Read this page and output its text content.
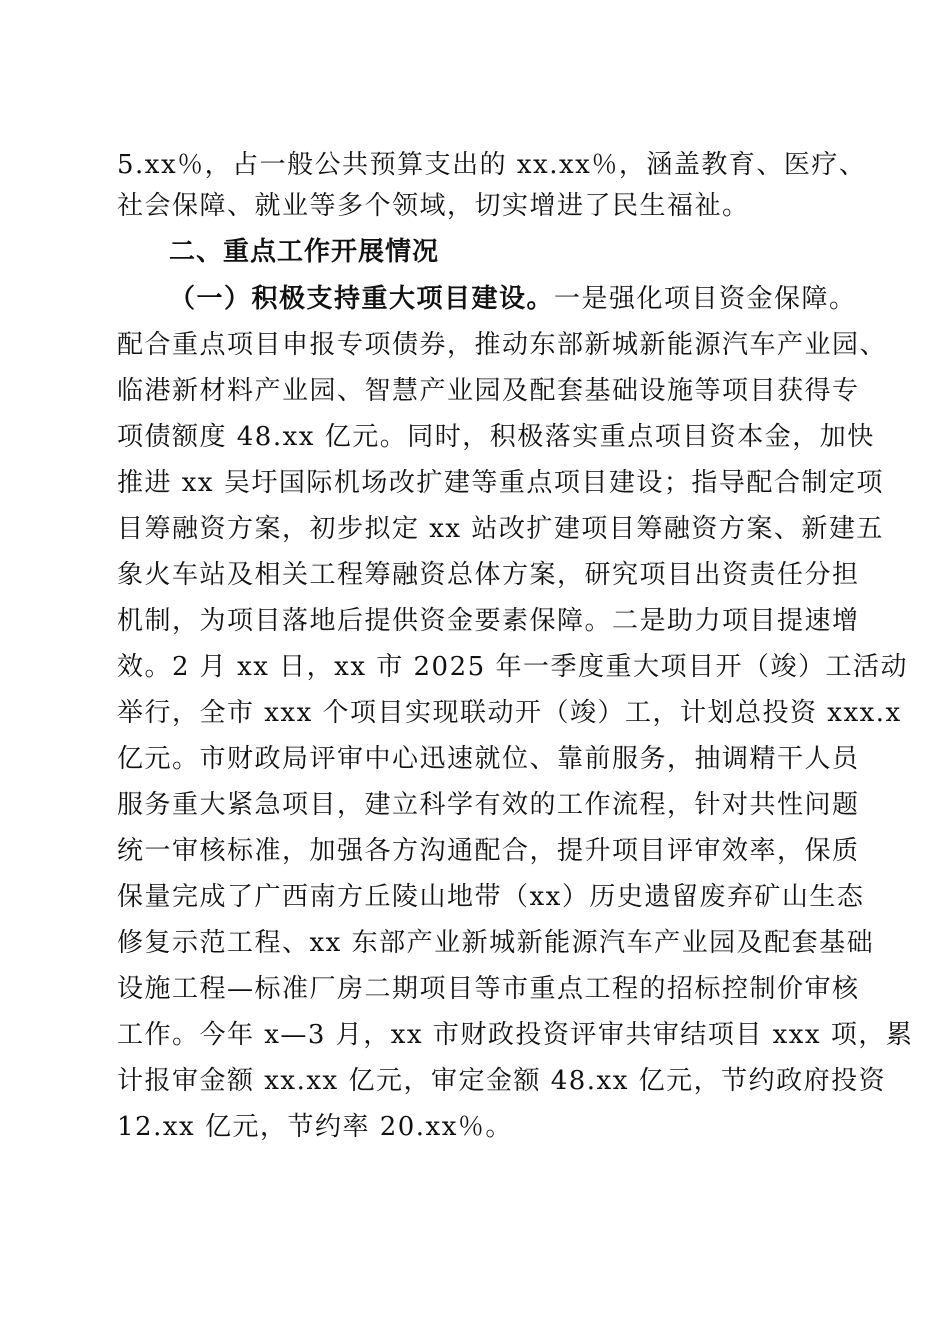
5.xx％，占一般公共预算支出的 xx.xx％，涵盖教育、医疗、
社会保障、就业等多个领域，切实增进了民生福祉。
二、重点工作开展情况
（一）积极支持重大项目建设。一是强化项目资金保障。
配合重点项目申报专项债券，推动东部新城新能源汽车产业园、
临港新材料产业园、智慧产业园及配套基础设施等项目获得专
项债额度 48.xx 亿元。同时，积极落实重点项目资本金，加快
推进 xx 吴圩国际机场改扩建等重点项目建设；指导配合制定项
目筹融资方案，初步拟定 xx 站改扩建项目筹融资方案、新建五
象火车站及相关工程筹融资总体方案，研究项目出资责任分担
机制，为项目落地后提供资金要素保障。二是助力项目提速增
效。2 月 xx 日，xx 市 2025 年一季度重大项目开（竣）工活动
举行，全市 xxx 个项目实现联动开（竣）工，计划总投资 xxx.x
亿元。市财政局评审中心迅速就位、靠前服务，抽调精干人员
服务重大紧急项目，建立科学有效的工作流程，针对共性问题
统一审核标准，加强各方沟通配合，提升项目评审效率，保质
保量完成了广西南方丘陵山地带（xx）历史遗留废弃矿山生态
修复示范工程、xx 东部产业新城新能源汽车产业园及配套基础
设施工程—标准厂房二期项目等市重点工程的招标控制价审核
工作。今年 x—3 月，xx 市财政投资评审共审结项目 xxx 项，累
计报审金额 xx.xx 亿元，审定金额 48.xx 亿元，节约政府投资
12.xx 亿元，节约率 20.xx％。
